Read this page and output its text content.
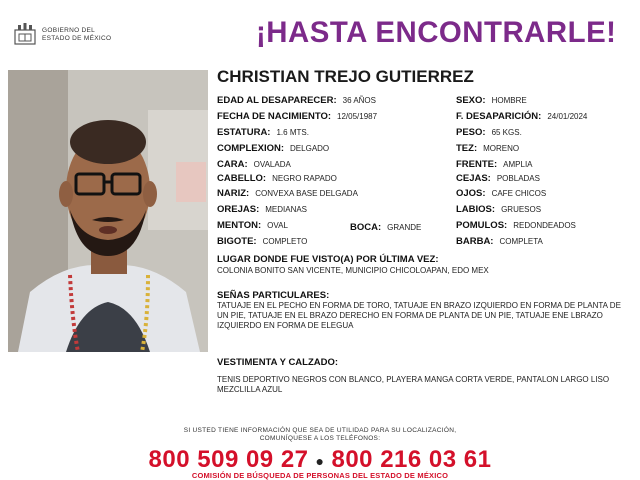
GOBIERNO DEL
ESTADO DE MÉXICO	¡HASTA ENCONTRARLE!
CHRISTIAN TREJO GUTIERREZ
EDAD AL DESAPARECER: 36 AÑOS
FECHA DE NACIMIENTO: 12/05/1987
ESTATURA: 1.6 MTS.
COMPLEXION: DELGADO
CARA: OVALADA
CABELLO: NEGRO RAPADO
NARIZ: CONVEXA BASE DELGADA
OREJAS: MEDIANAS
MENTON: OVAL
BIGOTE: COMPLETO
BOCA: GRANDE
SEXO: HOMBRE
F. DESAPARICIÓN: 24/01/2024
PESO: 65 KGS.
TEZ: MORENO
FRENTE: AMPLIA
CEJAS: POBLADAS
OJOS: CAFE CHICOS
LABIOS: GRUESOS
POMULOS: REDONDEADOS
BARBA: COMPLETA
LUGAR DONDE FUE VISTO(A) POR ÚLTIMA VEZ:
COLONIA BONITO SAN VICENTE, MUNICIPIO CHICOLOAPAN, EDO MEX
SEÑAS PARTICULARES:
TATUAJE EN EL PECHO EN FORMA DE TORO, TATUAJE EN BRAZO IZQUIERDO EN FORMA DE PLANTA DE UN PIE, TATUAJE EN EL BRAZO DERECHO EN FORMA DE PLANTA DE UN PIE, TATUAJE ENE LBRAZO IZQUIERDO EN FORMA DE ELEGUA
VESTIMENTA Y CALZADO:
TENIS DEPORTIVO NEGROS CON BLANCO, PLAYERA MANGA CORTA VERDE, PANTALON LARGO LISO MEZCLILLA AZUL
SI USTED TIENE INFORMACIÓN QUE SEA DE UTILIDAD PARA SU LOCALIZACIÓN,
COMUNÍQUESE A LOS TELÉFONOS:
800 509 09 27 ● 800 216 03 61
COMISIÓN DE BÚSQUEDA DE PERSONAS DEL ESTADO DE MÉXICO
